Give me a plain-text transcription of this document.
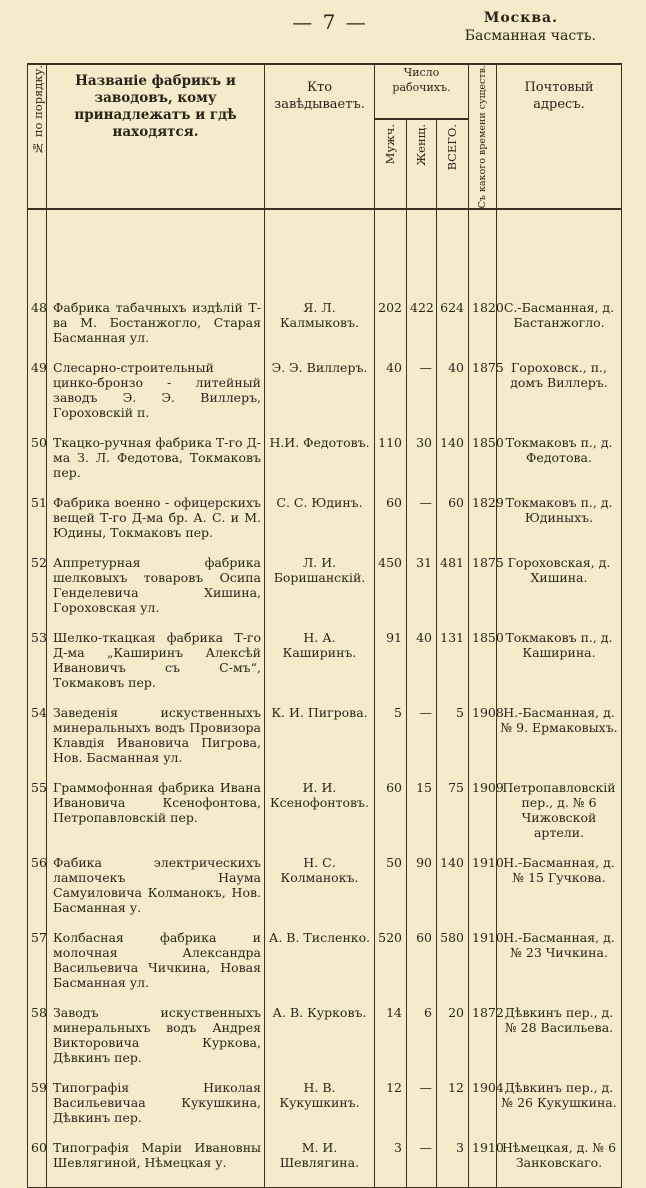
— 7 —	Москва.
Басманная часть.
№ по порядку.	Названiе фабрикъ и заводовъ, кому принадлежатъ и гдѣ находятся.	Кто завѣдываетъ.	Число рабочихъ.			Съ какого времени существ.	Почтовый адресъ.

			Мужч.	Женщ.	ВСЕГО.		

48	Фабрика табачныхъ издѣлiй Т-ва М. Бостанжогло, Старая Басманная ул.	Я. Л. Калмыковъ.	202	422	624	1820	С.-Басманная, д. Бастанжогло.
49	Слесарно-строительный цинко-бронзо - литейный заводъ Э. Э. Виллеръ, Гороховскiй п.	Э. Э. Виллеръ.	40	—	40	1875	Гороховск., п., домъ Виллеръ.
50	Ткацко-ручная фабрика Т-го Д-ма З. Л. Федотова, Токмаковъ пер.	Н.И. Федотовъ.	110	30	140	1850	Токмаковъ п., д. Федотова.
51	Фабрика военно - офицерскихъ вещей Т-го Д-ма бр. А. С. и М. Юдины, Токмаковъ пер.	С. С. Юдинъ.	60	—	60	1829	Токмаковъ п., д. Юдиныхъ.
52	Аппретурная фабрика шелковыхъ товаровъ Осипа Генделевича Хишина, Гороховская ул.	Л. И. Боришанскiй.	450	31	481	1875	Гороховская, д. Хишина.
53	Шелко-ткацкая фабрика Т-го Д-ма „Каширинъ Алексѣй Ивановичъ съ С-мъ“, Токмаковъ пер.	Н. А. Каширинъ.	91	40	131	1850	Токмаковъ п., д. Каширина.
54	Заведенiя искуственныхъ минеральныхъ водъ Провизора Клавдiя Ивановича Пигрова, Нов. Басманная ул.	К. И. Пигрова.	5	—	5	1908	Н.-Басманная, д. № 9. Ермаковыхъ.
55	Граммофонная фабрика Ивана Ивановича Ксенофонтова, Петропавловскiй пер.	И. И. Ксенофонтовъ.	60	15	75	1909	Петропавловскiй пер., д. № 6 Чижовской артели.
56	Фабика электрическихъ лампочекъ Наума Самуиловича Колманокъ, Нов. Басманная у.	Н. С. Колманокъ.	50	90	140	1910	Н.-Басманная, д. № 15 Гучкова.
57	Колбасная фабрика и молочная Александра Васильевича Чичкина, Новая Басманная ул.	А. В. Тисленко.	520	60	580	1910	Н.-Басманная, д. № 23 Чичкина.
58	Заводъ искуственныхъ минеральныхъ водъ Андрея Викторовича Куркова, Дѣвкинъ пер.	А. В. Курковъ.	14	6	20	1872	Дѣвкинъ пер., д. № 28 Васильева.
59	Типографiя Николая Васильевичаа Кукушкина, Дѣвкинъ пер.	Н. В. Кукушкинъ.	12	—	12	1904	Дѣвкинъ пер., д. № 26 Кукушкина.
60	Типографiя Марiи Ивановны Шевлягиной, Нѣмецкая у.	М. И. Шевлягина.	3	—	3	1910	Нѣмецкая, д. № 6 Занковскаго.
